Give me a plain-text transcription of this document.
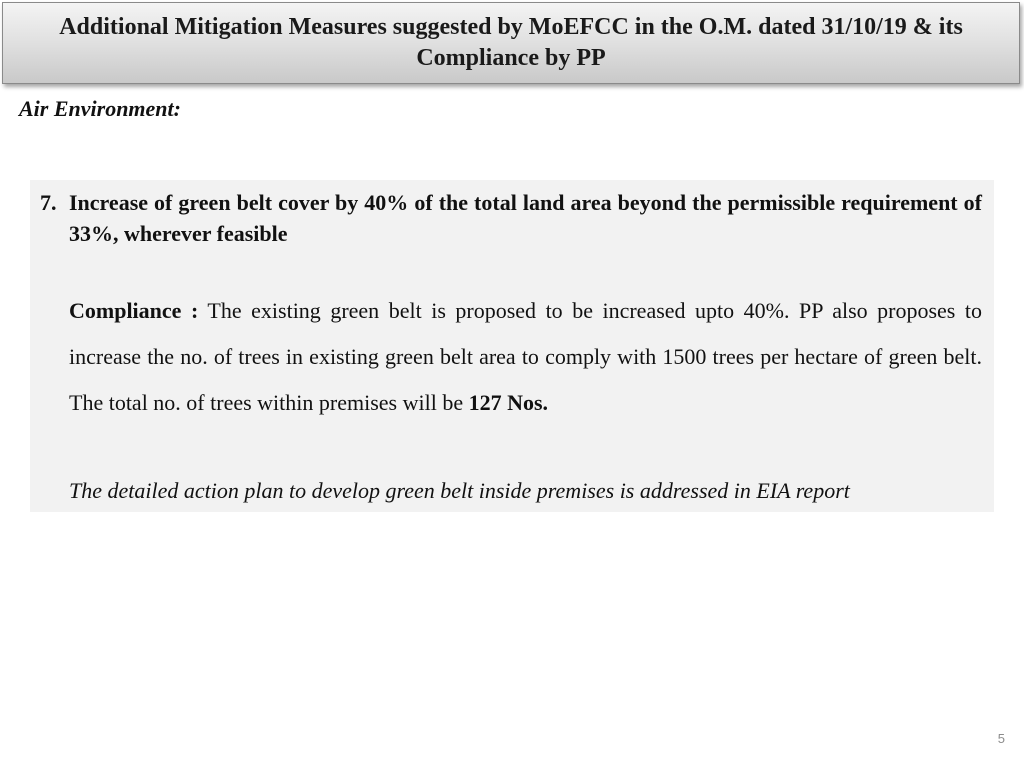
Additional Mitigation Measures suggested by MoEFCC in the O.M. dated 31/10/19 & its Compliance by PP
Air Environment:
7. Increase of green belt cover by 40% of the total land area beyond the permissible requirement of 33%, wherever feasible
Compliance : The existing green belt is proposed to be increased upto 40%. PP also proposes to increase the no. of trees in existing green belt area to comply with 1500 trees per hectare of green belt. The total no. of trees within premises will be 127 Nos.
The detailed action plan to develop green belt inside premises is addressed in EIA report
5
